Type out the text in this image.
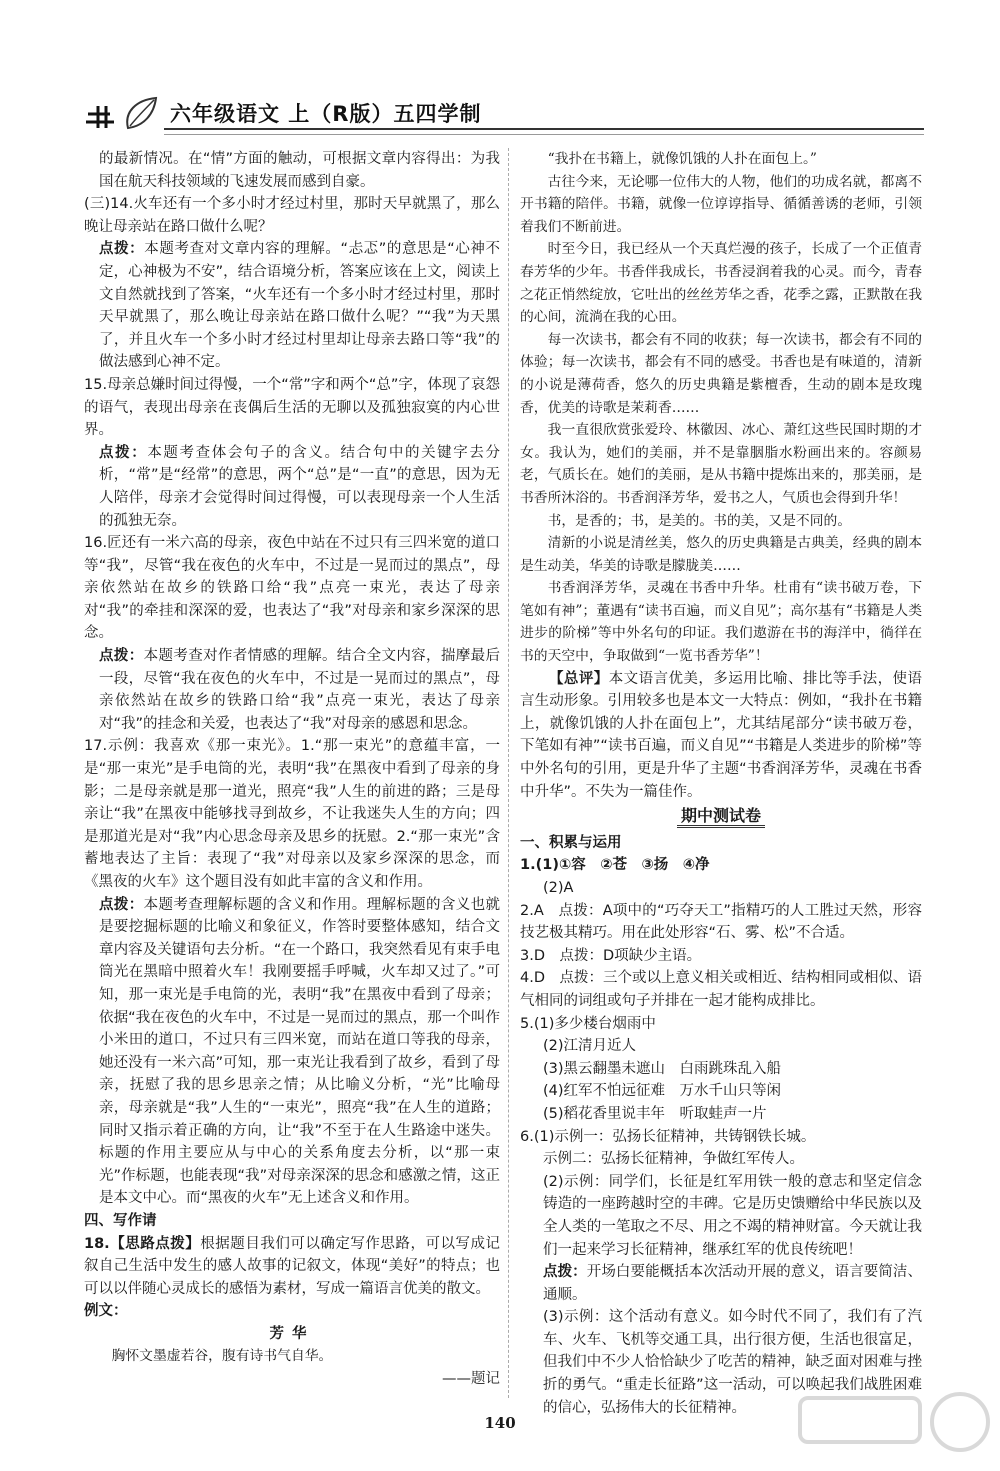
六年级语文 上（R版）五四学制

的最新情况。在“情”方面的触动，可根据文章内容得出：为我国在航天科技领域的飞速发展而感到自豪。

(三)14.火车还有一个多小时才经过村里，那时天早就黑了，那么晚让母亲站在路口做什么呢？

点拨：本题考查对文章内容的理解。“忐忑”的意思是“心神不定，心神极为不安”，结合语境分析，答案应该在上文，阅读上文自然就找到了答案，“火车还有一个多小时才经过村里，那时天早就黑了，那么晚让母亲站在路口做什么呢？”“我”为天黑了，并且火车一个多小时才经过村里却让母亲去路口等“我”的做法感到心神不定。

15.母亲总嫌时间过得慢，一个“常”字和两个“总”字，体现了哀怨的语气，表现出母亲在丧偶后生活的无聊以及孤独寂寞的内心世界。

点拨：本题考查体会句子的含义。结合句中的关键字去分析，“常”是“经常”的意思，两个“总”是“一直”的意思，因为无人陪伴，母亲才会觉得时间过得慢，可以表现母亲一个人生活的孤独无奈。

16.匠还有一米六高的母亲，夜色中站在不过只有三四米宽的道口等“我”，尽管“我在夜色的火车中，不过是一晃而过的黑点”，母亲依然站在故乡的铁路口给“我”点亮一束光，表达了母亲对“我”的牵挂和深深的爱，也表达了“我”对母亲和家乡深深的思念。

点拨：本题考查对作者情感的理解。结合全文内容，揣摩最后一段，尽管“我在夜色的火车中，不过是一晃而过的黑点”，母亲依然站在故乡的铁路口给“我”点亮一束光，表达了母亲对“我”的挂念和关爱，也表达了“我”对母亲的感恩和思念。

17.示例：我喜欢《那一束光》。1.“那一束光”的意蕴丰富，一是“那一束光”是手电筒的光，表明“我”在黑夜中看到了母亲的身影；二是母亲就是那一道光，照亮“我”人生的前进的路；三是母亲让“我”在黑夜中能够找寻到故乡，不让我迷失人生的方向；四是那道光是对“我”内心思念母亲及思乡的抚慰。2.“那一束光”含蓄地表达了主旨：表现了“我”对母亲以及家乡深深的思念，而《黑夜的火车》这个题目没有如此丰富的含义和作用。

点拨：本题考查理解标题的含义和作用。理解标题的含义也就是要挖掘标题的比喻义和象征义，作答时要整体感知，结合文章内容及关键语句去分析。“在一个路口，我突然看见有束手电筒光在黑暗中照着火车！我刚要摇手呼喊，火车却又过了。”可知，那一束光是手电筒的光，表明“我”在黑夜中看到了母亲；依据“我在夜色的火车中，不过是一晃而过的黑点，那一个叫作小米田的道口，不过只有三四米宽，而站在道口等我的母亲，她还没有一米六高”可知，那一束光让我看到了故乡，看到了母亲，抚慰了我的思乡思亲之情；从比喻义分析，“光”比喻母亲，母亲就是“我”人生的“一束光”，照亮“我”在人生的道路；同时又指示着正确的方向，让“我”不至于在人生路途中迷失。标题的作用主要应从与中心的关系角度去分析，以“那一束光”作标题，也能表现“我”对母亲深深的思念和感激之情，这正是本文中心。而“黑夜的火车”无上述含义和作用。

四、写作请

18.【思路点拨】根据题目我们可以确定写作思路，可以写成记叙自己生活中发生的感人故事的记叙文，体现“美好”的特点；也可以以伴随心灵成长的感悟为素材，写成一篇语言优美的散文。

例文：

芳华

胸怀文墨虚若谷，腹有诗书气自华。

——题记

“我扑在书籍上，就像饥饿的人扑在面包上。”

古往今来，无论哪一位伟大的人物，他们的功成名就，都离不开书籍的陪伴。书籍，就像一位谆谆指导、循循善诱的老师，引领着我们不断前进。

时至今日，我已经从一个天真烂漫的孩子，长成了一个正值青春芳华的少年。书香伴我成长，书香浸润着我的心灵。而今，青春之花正悄然绽放，它吐出的丝丝芳华之香，花季之露，正默散在我的心间，流淌在我的心田。

每一次读书，都会有不同的收获；每一次读书，都会有不同的体验；每一次读书，都会有不同的感受。书香也是有味道的，清新的小说是薄荷香，悠久的历史典籍是紫檀香，生动的剧本是玫瑰香，优美的诗歌是茉莉香……

我一直很欣赏张爱玲、林徽因、冰心、萧红这些民国时期的才女。我认为，她们的美丽，并不是靠胭脂水粉画出来的。容颜易老，气质长在。她们的美丽，是从书籍中提炼出来的，那美丽，是书香所沐浴的。书香润泽芳华，爱书之人，气质也会得到升华！

书，是香的；书，是美的。书的美，又是不同的。

清新的小说是清丝美，悠久的历史典籍是古典美，经典的剧本是生动美，华美的诗歌是朦胧美……

书香润泽芳华，灵魂在书香中升华。杜甫有“读书破万卷，下笔如有神”；董遇有“读书百遍，而义自见”；高尔基有“书籍是人类进步的阶梯”等中外名句的印证。我们遨游在书的海洋中，徜徉在书的天空中，争取做到“一览书香芳华”！

【总评】本文语言优美，多运用比喻、排比等手法，使语言生动形象。引用较多也是本文一大特点：例如，“我扑在书籍上，就像饥饿的人扑在面包上”，尤其结尾部分“读书破万卷，下笔如有神”“读书百遍，而义自见”“书籍是人类进步的阶梯”等中外名句的引用，更是升华了主题“书香润泽芳华，灵魂在书香中升华”。不失为一篇佳作。

期中测试卷

一、积累与运用

1.(1)①容　②苍　③扬　④净

(2)A

2.A　点拨：A项中的“巧夺天工”指精巧的人工胜过天然，形容技艺极其精巧。用在此处形容“石、雾、松”不合适。

3.D　点拨：D项缺少主语。

4.D　点拨：三个或以上意义相关或相近、结构相同或相似、语气相同的词组或句子并排在一起才能构成排比。

5.(1)多少楼台烟雨中

(2)江清月近人

(3)黑云翻墨未遮山　白雨跳珠乱入船

(4)红军不怕远征难　万水千山只等闲

(5)稻花香里说丰年　听取蛙声一片

6.(1)示例一：弘扬长征精神，共铸钢铁长城。

示例二：弘扬长征精神，争做红军传人。

(2)示例：同学们，长征是红军用铁一般的意志和坚定信念铸造的一座跨越时空的丰碑。它是历史馈赠给中华民族以及全人类的一笔取之不尽、用之不竭的精神财富。今天就让我们一起来学习长征精神，继承红军的优良传统吧！

点拨：开场白要能概括本次活动开展的意义，语言要简洁、通顺。

(3)示例：这个活动有意义。如今时代不同了，我们有了汽车、火车、飞机等交通工具，出行很方便，生活也很富足，但我们中不少人恰恰缺少了吃苦的精神，缺乏面对困难与挫折的勇气。“重走长征路”这一活动，可以唤起我们战胜困难的信心，弘扬伟大的长征精神。

140
